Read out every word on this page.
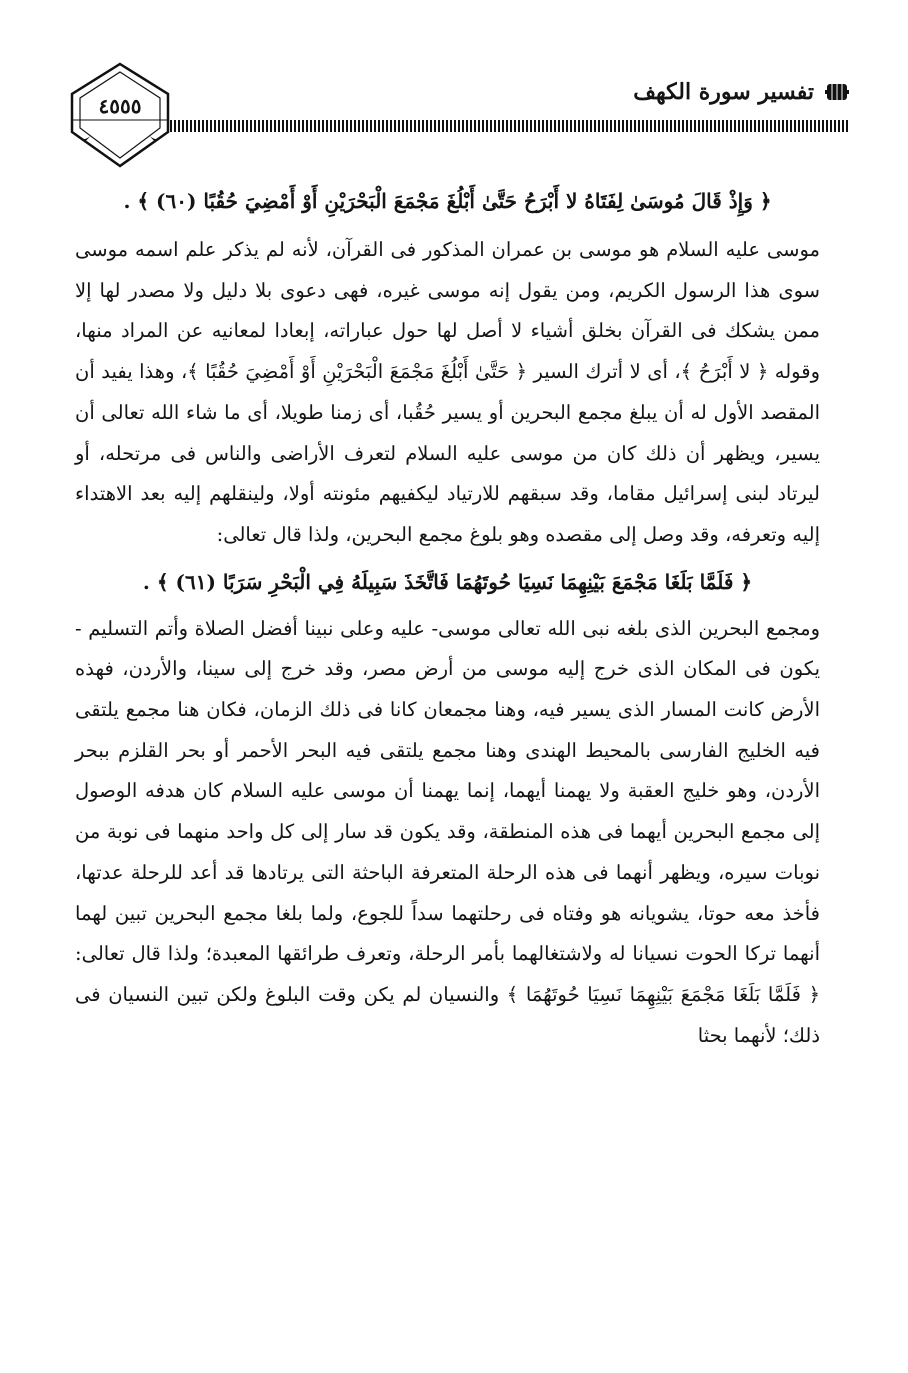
٤٥٥٥
تفسير سورة الكهف

﴿ وَإِذْ قَالَ مُوسَىٰ لِفَتَاهُ لا أَبْرَحُ حَتَّىٰ أَبْلُغَ مَجْمَعَ الْبَحْرَيْنِ أَوْ أَمْضِيَ حُقُبًا (٦٠) ﴾ .

موسى عليه السلام هو موسى بن عمران المذكور فى القرآن، لأنه لم يذكر علم اسمه موسى سوى هذا الرسول الكريم، ومن يقول إنه موسى غيره، فهى دعوى بلا دليل ولا مصدر لها إلا ممن يشكك فى القرآن بخلق أشياء لا أصل لها حول عباراته، إبعادا لمعانيه عن المراد منها، وقوله ﴿ لا أَبْرَحُ ﴾، أى لا أترك السير ﴿ حَتَّىٰ أَبْلُغَ مَجْمَعَ الْبَحْرَيْنِ أَوْ أَمْضِيَ حُقُبًا ﴾، وهذا يفيد أن المقصد الأول له أن يبلغ مجمع البحرين أو يسير حُقُبا، أى زمنا طويلا، أى ما شاء الله تعالى أن يسير، ويظهر أن ذلك كان من موسى عليه السلام لتعرف الأراضى والناس فى مرتحله، أو ليرتاد لبنى إسرائيل مقاما، وقد سبقهم للارتياد ليكفيهم مئونته أولا، ولينقلهم إليه بعد الاهتداء إليه وتعرفه، وقد وصل إلى مقصده وهو بلوغ مجمع البحرين، ولذا قال تعالى:

﴿ فَلَمَّا بَلَغَا مَجْمَعَ بَيْنِهِمَا نَسِيَا حُوتَهُمَا فَاتَّخَذَ سَبِيلَهُ فِي الْبَحْرِ سَرَبًا (٦١) ﴾ .

ومجمع البحرين الذى بلغه نبى الله تعالى موسى- عليه وعلى نبينا أفضل الصلاة وأتم التسليم - يكون فى المكان الذى خرج إليه موسى من أرض مصر، وقد خرج إلى سينا، والأردن، فهذه الأرض كانت المسار الذى يسير فيه، وهنا مجمعان كانا فى ذلك الزمان، فكان هنا مجمع يلتقى فيه الخليج الفارسى بالمحيط الهندى وهنا مجمع يلتقى فيه البحر الأحمر أو بحر القلزم ببحر الأردن، وهو خليج العقبة ولا يهمنا أيهما، إنما يهمنا أن موسى عليه السلام كان هدفه الوصول إلى مجمع البحرين أيهما فى هذه المنطقة، وقد يكون قد سار إلى كل واحد منهما فى نوبة من نوبات سيره، ويظهر أنهما فى هذه الرحلة المتعرفة الباحثة التى يرتادها قد أعد للرحلة عدتها، فأخذ معه حوتا، يشويانه هو وفتاه فى رحلتهما سداً للجوع، ولما بلغا مجمع البحرين تبين لهما أنهما تركا الحوت نسيانا له ولاشتغالهما بأمر الرحلة، وتعرف طرائقها المعبدة؛ ولذا قال تعالى: ﴿ فَلَمَّا بَلَغَا مَجْمَعَ بَيْنِهِمَا نَسِيَا حُوتَهُمَا ﴾ والنسيان لم يكن وقت البلوغ ولكن تبين النسيان فى ذلك؛ لأنهما بحثا
